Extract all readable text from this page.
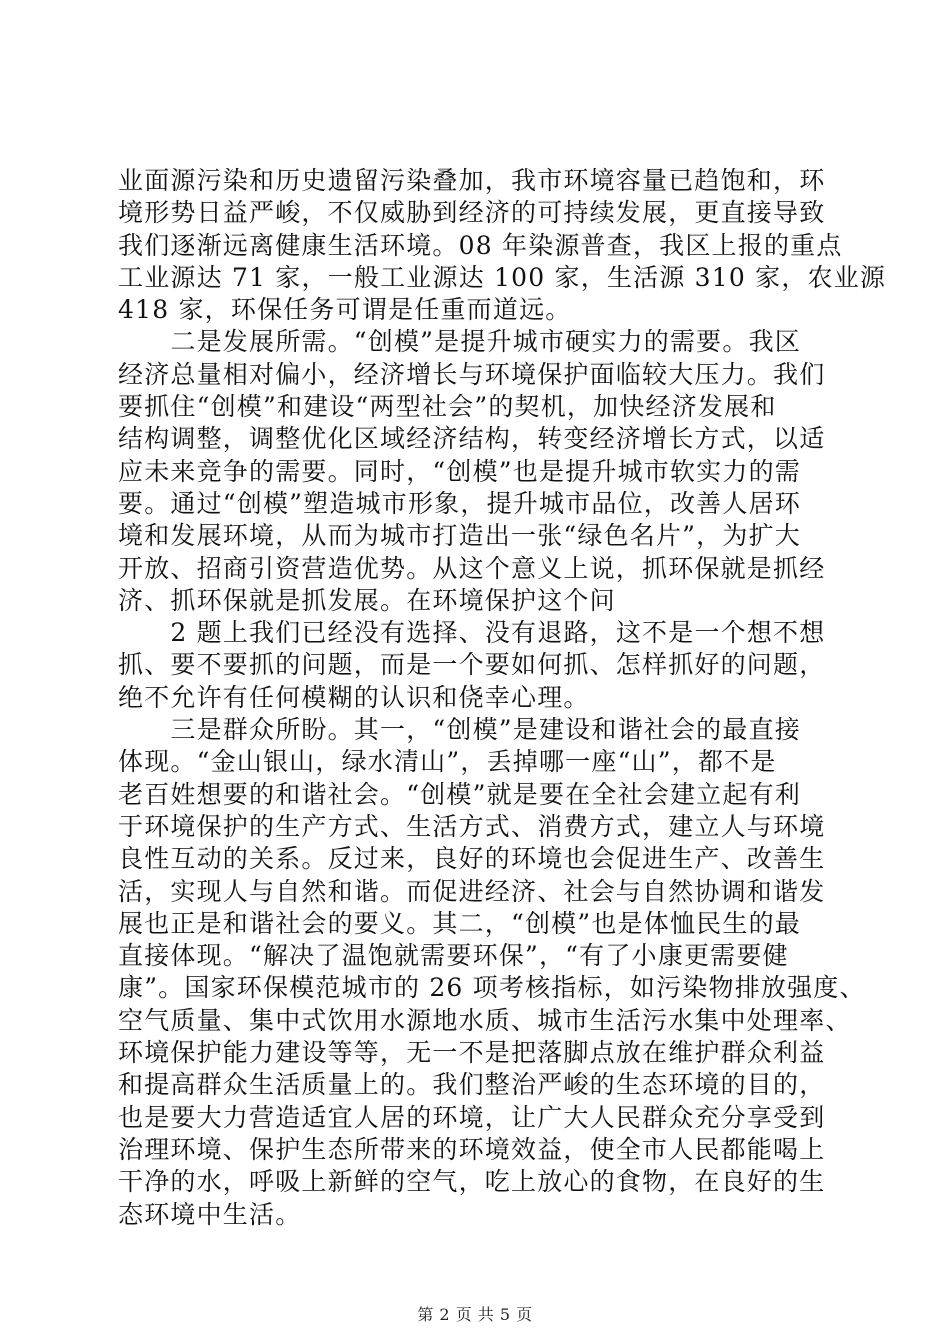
业面源污染和历史遗留污染叠加，我市环境容量已趋饱和，环
境形势日益严峻，不仅威胁到经济的可持续发展，更直接导致
我们逐渐远离健康生活环境。08 年染源普查，我区上报的重点
工业源达 71 家，一般工业源达 100 家，生活源 310 家，农业源
418 家，环保任务可谓是任重而道远。
　　二是发展所需。“创模”是提升城市硬实力的需要。我区
经济总量相对偏小，经济增长与环境保护面临较大压力。我们
要抓住“创模”和建设“两型社会”的契机，加快经济发展和
结构调整，调整优化区域经济结构，转变经济增长方式，以适
应未来竞争的需要。同时，“创模”也是提升城市软实力的需
要。通过“创模”塑造城市形象，提升城市品位，改善人居环
境和发展环境，从而为城市打造出一张“绿色名片”，为扩大
开放、招商引资营造优势。从这个意义上说，抓环保就是抓经
济、抓环保就是抓发展。在环境保护这个问
　　2 题上我们已经没有选择、没有退路，这不是一个想不想
抓、要不要抓的问题，而是一个要如何抓、怎样抓好的问题，
绝不允许有任何模糊的认识和侥幸心理。
　　三是群众所盼。其一，“创模”是建设和谐社会的最直接
体现。“金山银山，绿水清山”，丢掉哪一座“山”，都不是
老百姓想要的和谐社会。“创模”就是要在全社会建立起有利
于环境保护的生产方式、生活方式、消费方式，建立人与环境
良性互动的关系。反过来，良好的环境也会促进生产、改善生
活，实现人与自然和谐。而促进经济、社会与自然协调和谐发
展也正是和谐社会的要义。其二，“创模”也是体恤民生的最
直接体现。“解决了温饱就需要环保”，“有了小康更需要健
康”。国家环保模范城市的 26 项考核指标，如污染物排放强度、
空气质量、集中式饮用水源地水质、城市生活污水集中处理率、
环境保护能力建设等等，无一不是把落脚点放在维护群众利益
和提高群众生活质量上的。我们整治严峻的生态环境的目的，
也是要大力营造适宜人居的环境，让广大人民群众充分享受到
治理环境、保护生态所带来的环境效益，使全市人民都能喝上
干净的水，呼吸上新鲜的空气，吃上放心的食物，在良好的生
态环境中生活。
第 2 页 共 5 页
